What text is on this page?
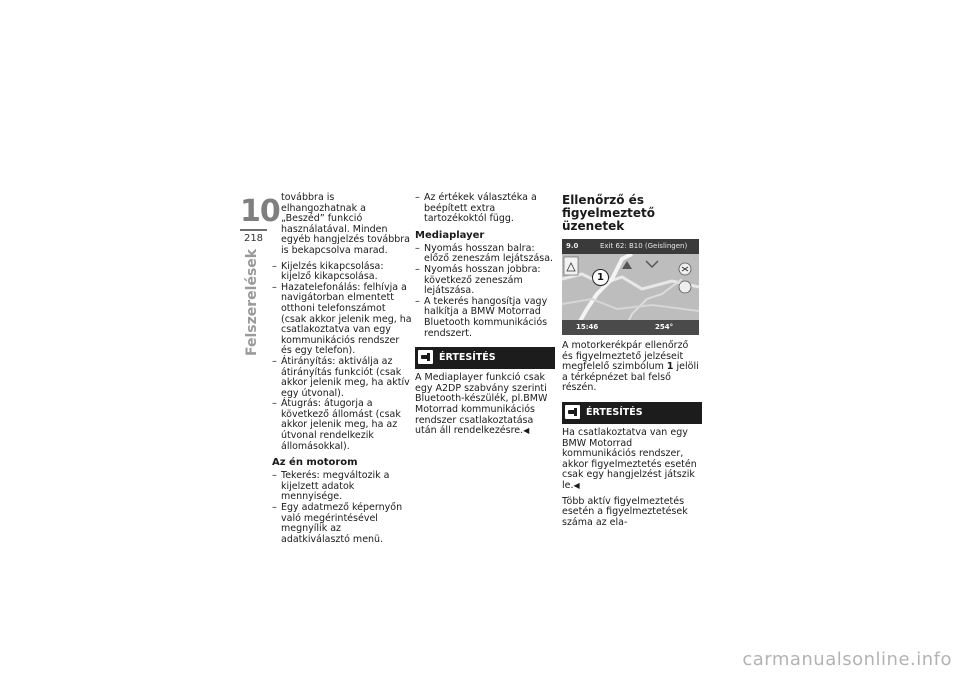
10
218
Felszerelések

továbbra is elhangozhatnak a „Beszéd” funkció használatával. Minden egyéb hangjelzés továbbra is bekapcsolva marad.

– Kijelzés kikapcsolása: kijelző kikapcsolása.
– Hazatelefonálás: felhívja a navigátorban elmentett otthoni telefonszámot (csak akkor jelenik meg, ha csatlakoztatva van egy kommunikációs rendszer és egy telefon).
– Átirányítás: aktiválja az átirányítás funkciót (csak akkor jelenik meg, ha aktív egy útvonal).
– Átugrás: átugorja a következő állomást (csak akkor jelenik meg, ha az útvonal rendelkezik állomásokkal).
Az én motorom
– Tekerés: megváltozik a kijelzett adatok mennyisége.
– Egy adatmező képernyőn való megérintésével megnyílik az adatkiválasztó menü.
– Az értékek választéka a beépített extra tartozékoktól függ.
Mediaplayer
– Nyomás hosszan balra: előző zeneszám lejátszása.
– Nyomás hosszan jobbra: következő zeneszám lejátszása.
– A tekerés hangosítja vagy halkítja a BMW Motorrad Bluetooth kommunikációs rendszert.
ÉRTESÍTÉS

A Mediaplayer funkció csak egy A2DP szabvány szerinti Bluetooth-készülék, pl.BMW Motorrad kommunikációs rendszer csatlakoztatása után áll rendelkezésre.◀

Ellenőrző és figyelmeztető üzenetek
9.0	Exit 62: B10 (Geislingen)
1
15:46	254°

A motorkerékpár ellenőrző és figyelmeztető jelzéseit megfelelő szimbólum 1 jelöli a térképnézet bal felső részén.

ÉRTESÍTÉS

Ha csatlakoztatva van egy BMW Motorrad kommunikációs rendszer, akkor figyelmeztetés esetén csak egy hangjelzést játszik le.◀

Több aktív figyelmeztetés esetén a figyelmeztetések száma az ela-

carmanualsonline.info
